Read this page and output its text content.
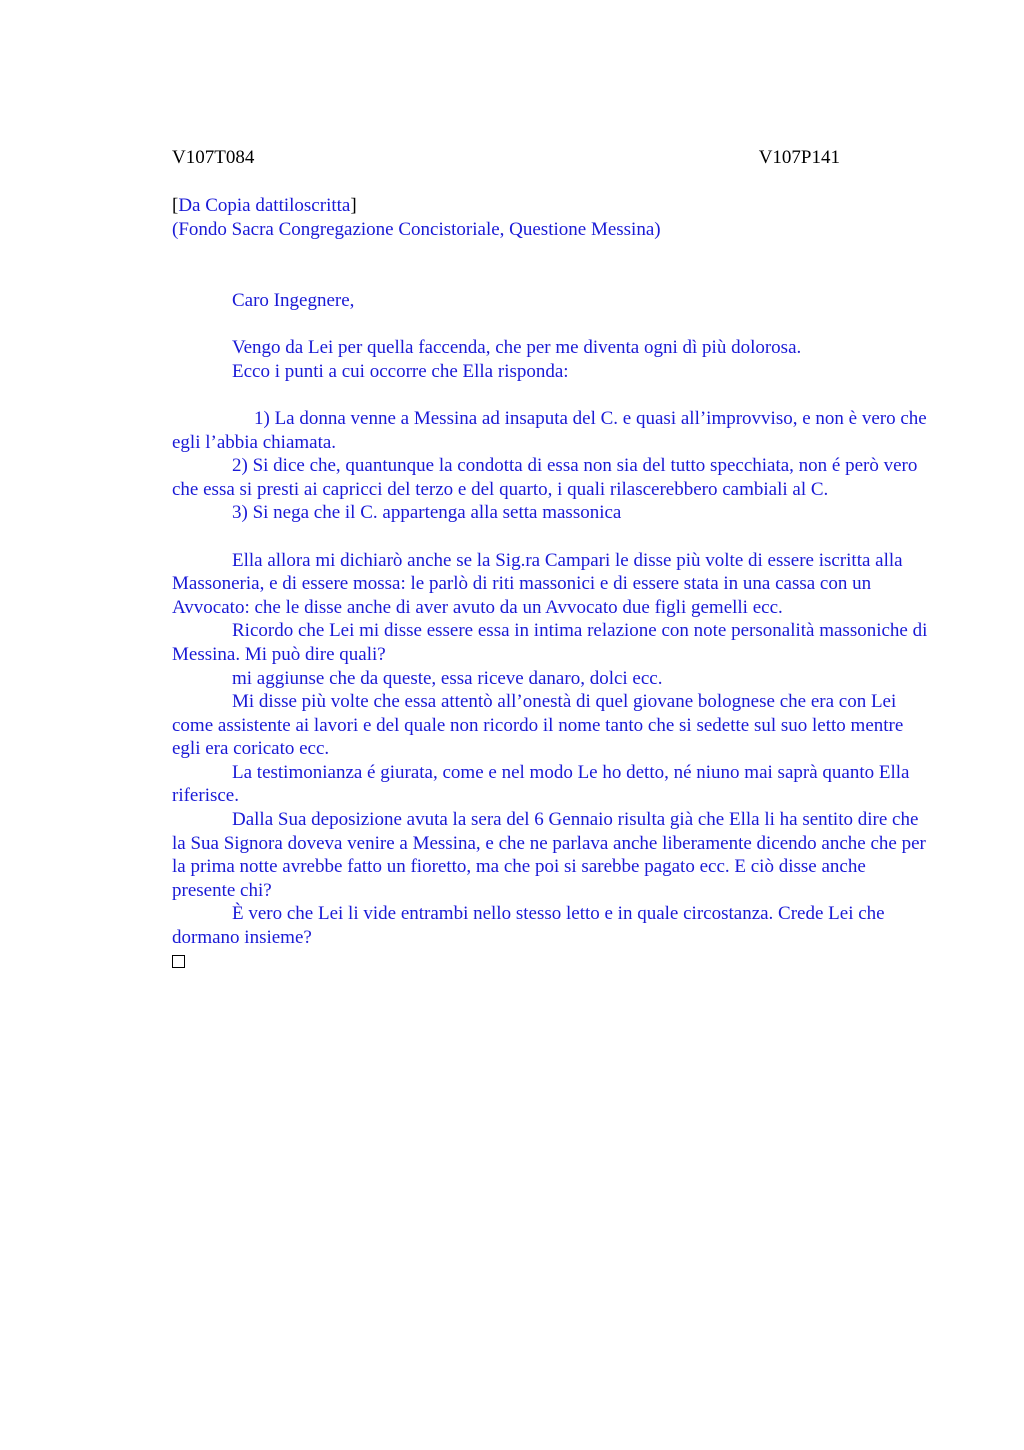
V107T084	V107P141
[Da Copia dattiloscritta]
(Fondo Sacra Congregazione Concistoriale, Questione Messina)

Caro Ingegnere,

Vengo da Lei per quella faccenda, che per me diventa ogni dì più dolorosa.

Ecco i punti a cui occorre che Ella risponda:

1) La donna venne a Messina ad insaputa del C. e quasi all’improvviso, e non è vero che egli l’abbia chiamata.

2) Si dice che, quantunque la condotta di essa non sia del tutto specchiata, non é però vero che essa si presti ai capricci del terzo e del quarto, i quali rilascerebbero cambiali al C.

3) Si nega che il C. appartenga alla setta massonica

Ella allora mi dichiarò anche se la Sig.ra Campari le disse più volte di essere iscritta alla Massoneria, e di essere mossa: le parlò di riti massonici e di essere stata in una cassa con un Avvocato: che le disse anche di aver avuto da un Avvocato due figli gemelli ecc.

Ricordo che Lei mi disse essere essa in intima relazione con note personalità massoniche di Messina. Mi può dire quali?

mi aggiunse che da queste, essa riceve danaro, dolci ecc.

Mi disse più volte che essa attentò all’onestà di quel giovane bolognese che era con Lei come assistente ai lavori e del quale non ricordo il nome tanto che si sedette sul suo letto mentre egli era coricato ecc.

La testimonianza é giurata, come e nel modo Le ho detto, né niuno mai saprà quanto Ella riferisce.

Dalla Sua deposizione avuta la sera del 6 Gennaio risulta già che Ella li ha sentito dire che la Sua Signora doveva venire a Messina, e che ne parlava anche liberamente dicendo anche che per la prima notte avrebbe fatto un fioretto, ma che poi si sarebbe pagato ecc. E ciò disse anche presente chi?

È vero che Lei li vide entrambi nello stesso letto e in quale circostanza. Crede Lei che dormano insieme?
